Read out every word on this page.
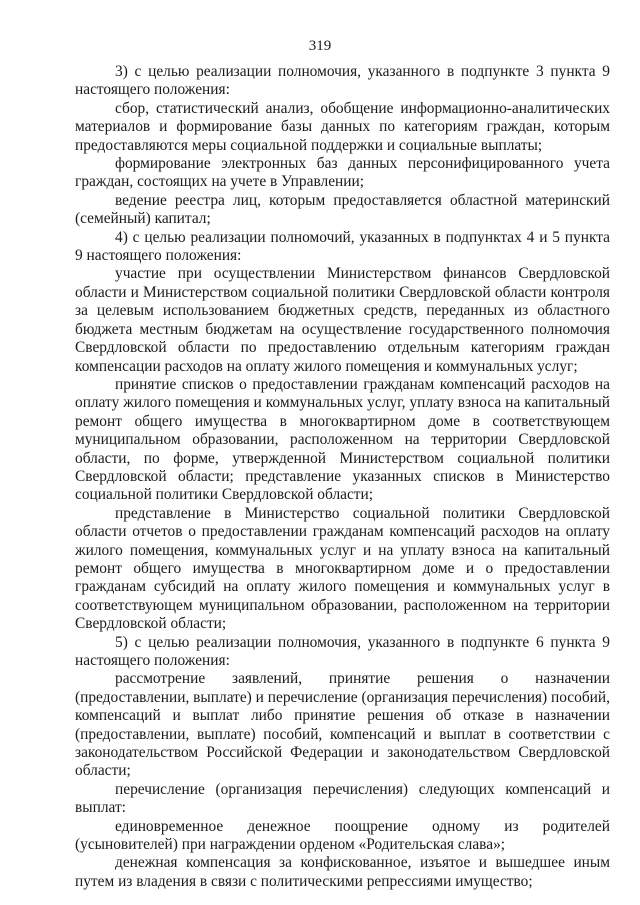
319

3) с целью реализации полномочия, указанного в подпункте 3 пункта 9 настоящего положения:

сбор, статистический анализ, обобщение информационно-аналитических материалов и формирование базы данных по категориям граждан, которым предоставляются меры социальной поддержки и социальные выплаты;

формирование электронных баз данных персонифицированного учета граждан, состоящих на учете в Управлении;

ведение реестра лиц, которым предоставляется областной материнский (семейный) капитал;

4) с целью реализации полномочий, указанных в подпунктах 4 и 5 пункта 9 настоящего положения:

участие при осуществлении Министерством финансов Свердловской области и Министерством социальной политики Свердловской области контроля за целевым использованием бюджетных средств, переданных из областного бюджета местным бюджетам на осуществление государственного полномочия Свердловской области по предоставлению отдельным категориям граждан компенсации расходов на оплату жилого помещения и коммунальных услуг;

принятие списков о предоставлении гражданам компенсаций расходов на оплату жилого помещения и коммунальных услуг, уплату взноса на капитальный ремонт общего имущества в многоквартирном доме в соответствующем муниципальном образовании, расположенном на территории Свердловской области, по форме, утвержденной Министерством социальной политики Свердловской области; представление указанных списков в Министерство социальной политики Свердловской области;

представление в Министерство социальной политики Свердловской области отчетов о предоставлении гражданам компенсаций расходов на оплату жилого помещения, коммунальных услуг и на уплату взноса на капитальный ремонт общего имущества в многоквартирном доме и о предоставлении гражданам субсидий на оплату жилого помещения и коммунальных услуг в соответствующем муниципальном образовании, расположенном на территории Свердловской области;

5) с целью реализации полномочия, указанного в подпункте 6 пункта 9 настоящего положения:

рассмотрение заявлений, принятие решения о назначении (предоставлении, выплате) и перечисление (организация перечисления) пособий, компенсаций и выплат либо принятие решения об отказе в назначении (предоставлении, выплате) пособий, компенсаций и выплат в соответствии с законодательством Российской Федерации и законодательством Свердловской области;

перечисление (организация перечисления) следующих компенсаций и выплат:

единовременное денежное поощрение одному из родителей (усыновителей) при награждении орденом «Родительская слава»;

денежная компенсация за конфискованное, изъятое и вышедшее иным путем из владения в связи с политическими репрессиями имущество;
